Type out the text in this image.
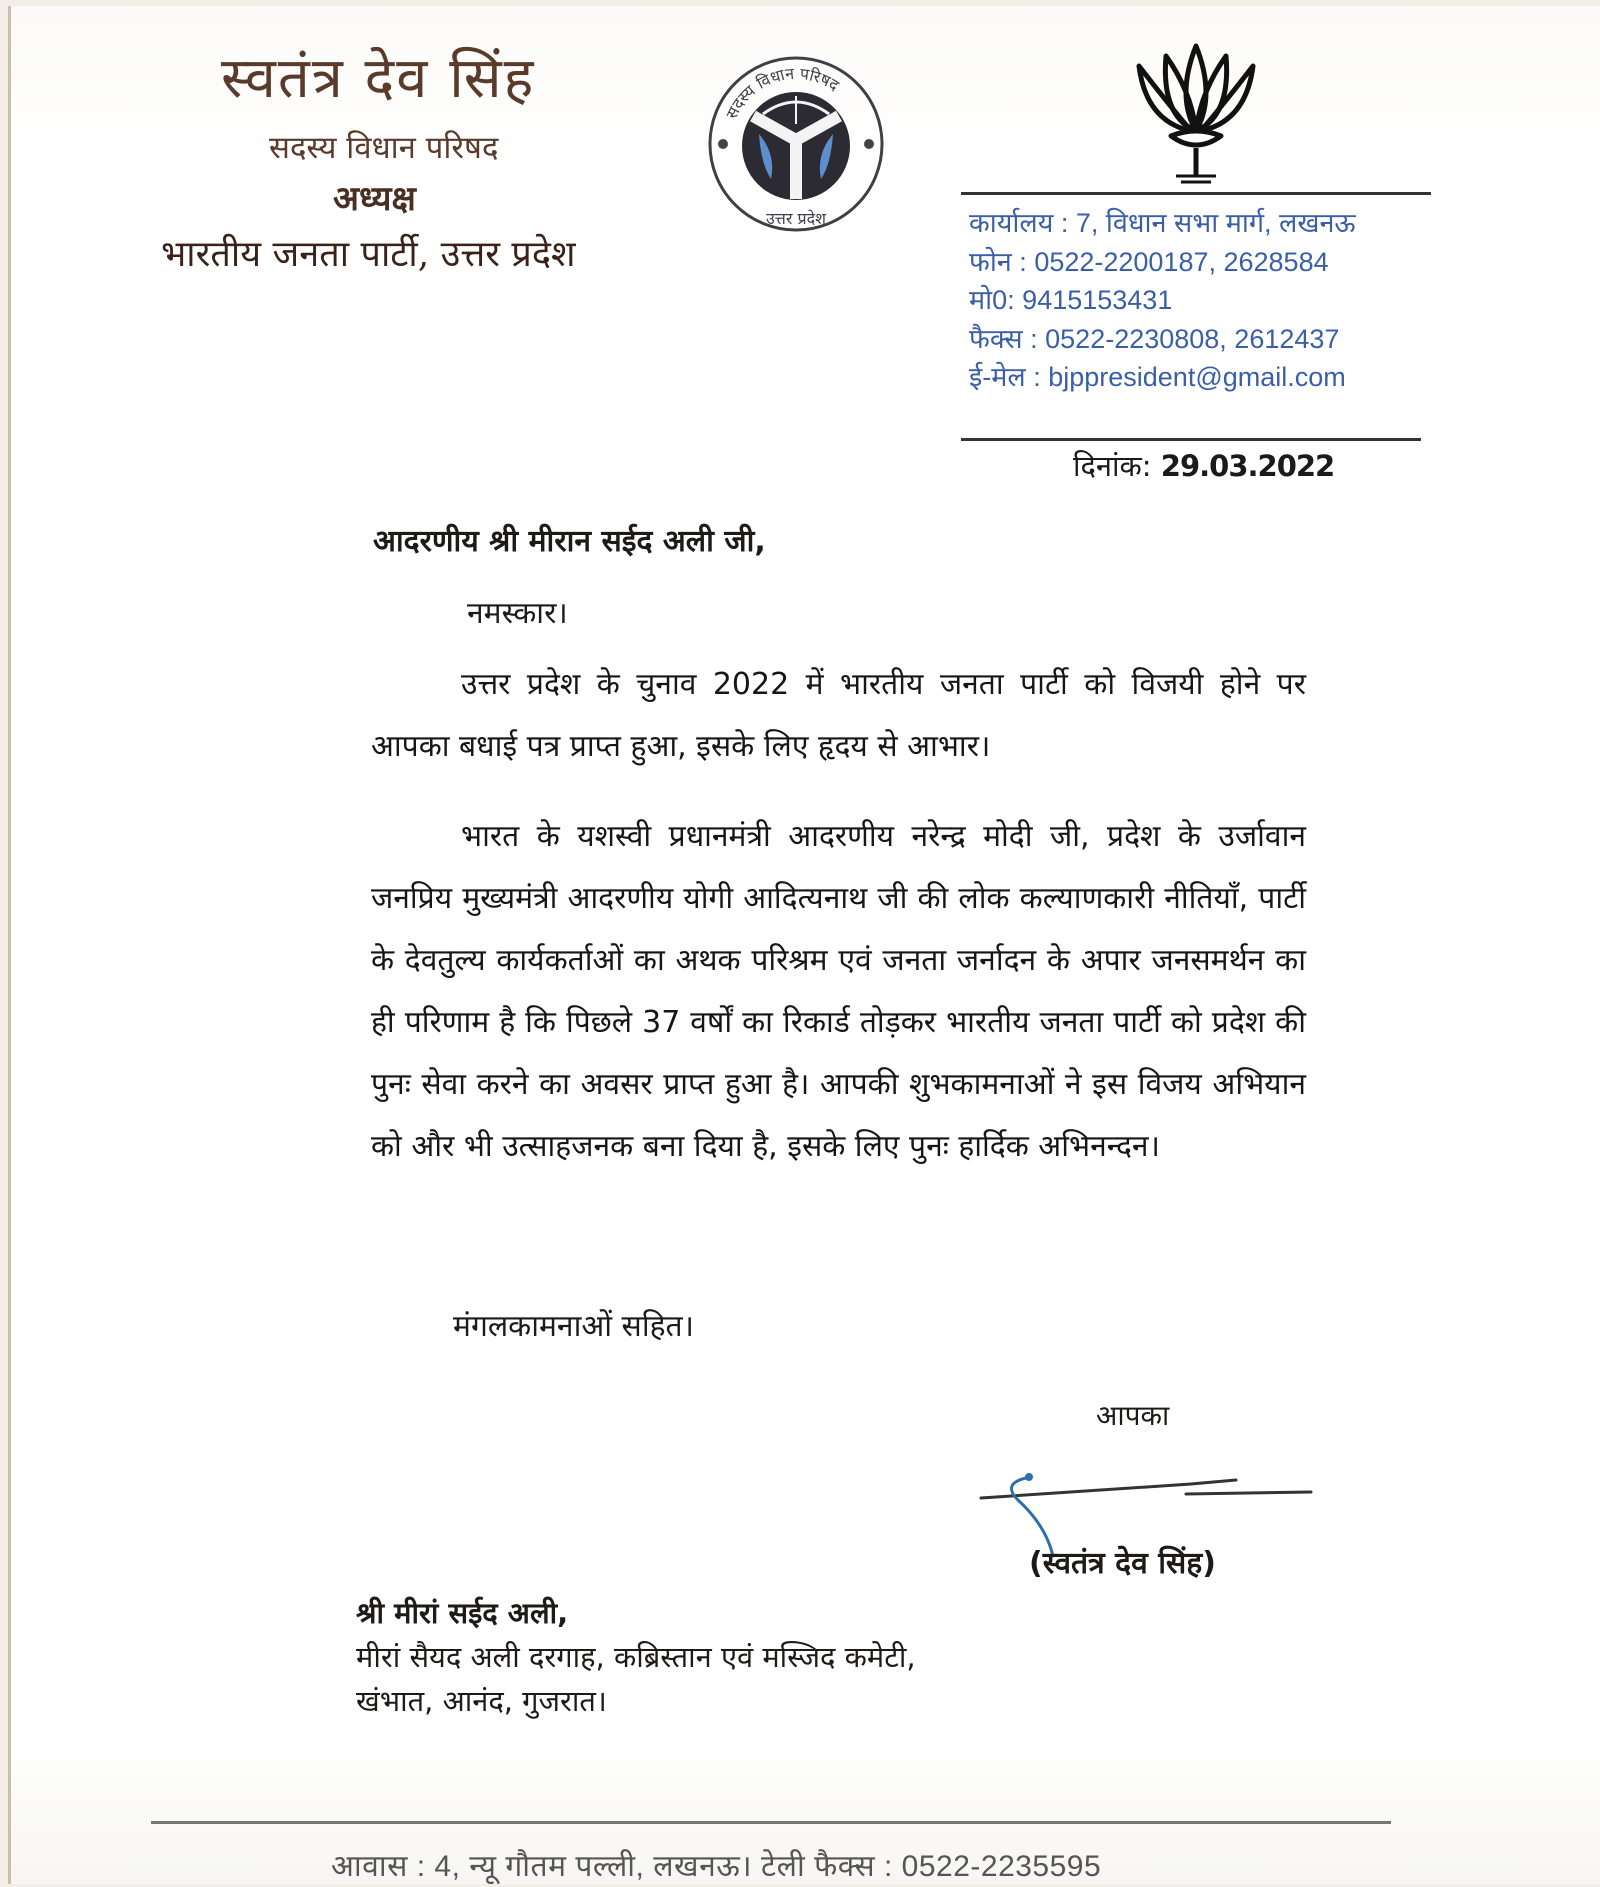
स्वतंत्र देव सिंह
सदस्य विधान परिषद
अध्यक्ष
भारतीय जनता पार्टी, उत्तर प्रदेश
सदस्य विधान परिषद
उत्तर प्रदेश	कार्यालय : 7, विधान सभा मार्ग, लखनऊ
फोन : 0522-2200187, 2628584
मो0: 9415153431
फैक्स : 0522-2230808, 2612437
ई-मेल : bjppresident@gmail.com
दिनांक: 29.03.2022
आदरणीय श्री मीरान सईद अली जी,
नमस्कार।
उत्तर प्रदेश के चुनाव 2022 में भारतीय जनता पार्टी को विजयी होने पर आपका बधाई पत्र प्राप्त हुआ, इसके लिए हृदय से आभार।
भारत के यशस्वी प्रधानमंत्री आदरणीय नरेन्द्र मोदी जी, प्रदेश के उर्जावान जनप्रिय मुख्यमंत्री आदरणीय योगी आदित्यनाथ जी की लोक कल्याणकारी नीतियाँ, पार्टी के देवतुल्य कार्यकर्ताओं का अथक परिश्रम एवं जनता जर्नादन के अपार जनसमर्थन का ही परिणाम है कि पिछले 37 वर्षों का रिकार्ड तोड़कर भारतीय जनता पार्टी को प्रदेश की पुनः सेवा करने का अवसर प्राप्त हुआ है। आपकी शुभकामनाओं ने इस विजय अभियान को और भी उत्साहजनक बना दिया है, इसके लिए पुनः हार्दिक अभिनन्दन।
मंगलकामनाओं सहित।
आपका
(स्वतंत्र देव सिंह)
श्री मीरां सईद अली,
मीरां सैयद अली दरगाह, कब्रिस्तान एवं मस्जिद कमेटी,
खंभात, आनंद, गुजरात।
आवास : 4, न्यू गौतम पल्ली, लखनऊ। टेली फैक्स : 0522-2235595
